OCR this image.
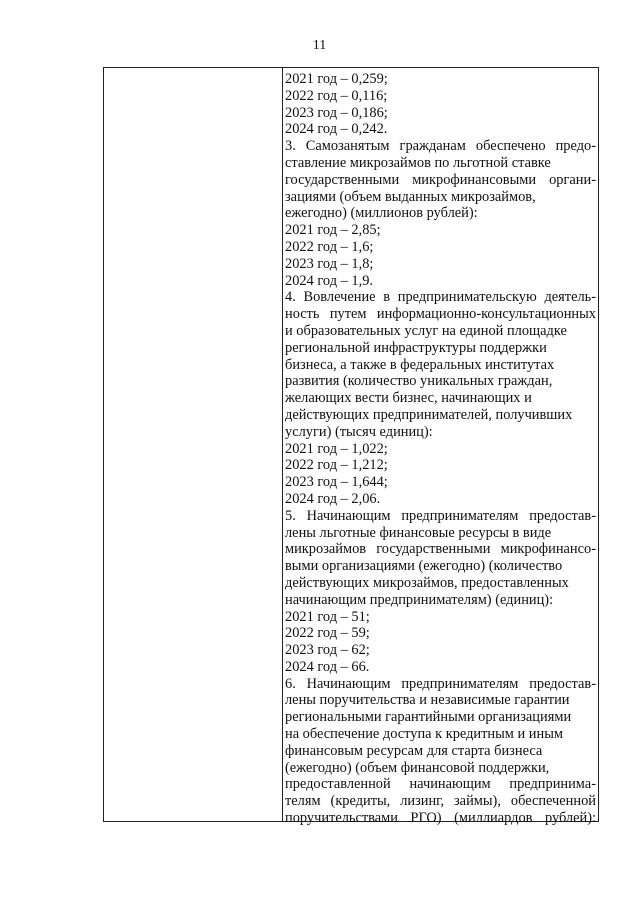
11
2021 год – 0,259;
2022 год – 0,116;
2023 год – 0,186;
2024 год – 0,242.
3. Самозанятым гражданам обеспечено предо-
ставление микрозаймов по льготной ставке
государственными микрофинансовыми органи-
зациями (объем выданных микрозаймов,
ежегодно) (миллионов рублей):
2021 год – 2,85;
2022 год – 1,6;
2023 год – 1,8;
2024 год – 1,9.
4. Вовлечение в предпринимательскую деятель-
ность путем информационно-консультационных
и образовательных услуг на единой площадке
региональной инфраструктуры поддержки
бизнеса, а также в федеральных институтах
развития (количество уникальных граждан,
желающих вести бизнес, начинающих и
действующих предпринимателей, получивших
услуги) (тысяч единиц):
2021 год – 1,022;
2022 год – 1,212;
2023 год – 1,644;
2024 год – 2,06.
5. Начинающим предпринимателям предостав-
лены льготные финансовые ресурсы в виде
микрозаймов государственными микрофинансо-
выми организациями (ежегодно) (количество
действующих микрозаймов, предоставленных
начинающим предпринимателям) (единиц):
2021 год – 51;
2022 год – 59;
2023 год – 62;
2024 год – 66.
6. Начинающим предпринимателям предостав-
лены поручительства и независимые гарантии
региональными гарантийными организациями
на обеспечение доступа к кредитным и иным
финансовым ресурсам для старта бизнеса
(ежегодно) (объем финансовой поддержки,
предоставленной начинающим предпринима-
телям (кредиты, лизинг, займы), обеспеченной
поручительствами РГО) (миллиардов рублей):
